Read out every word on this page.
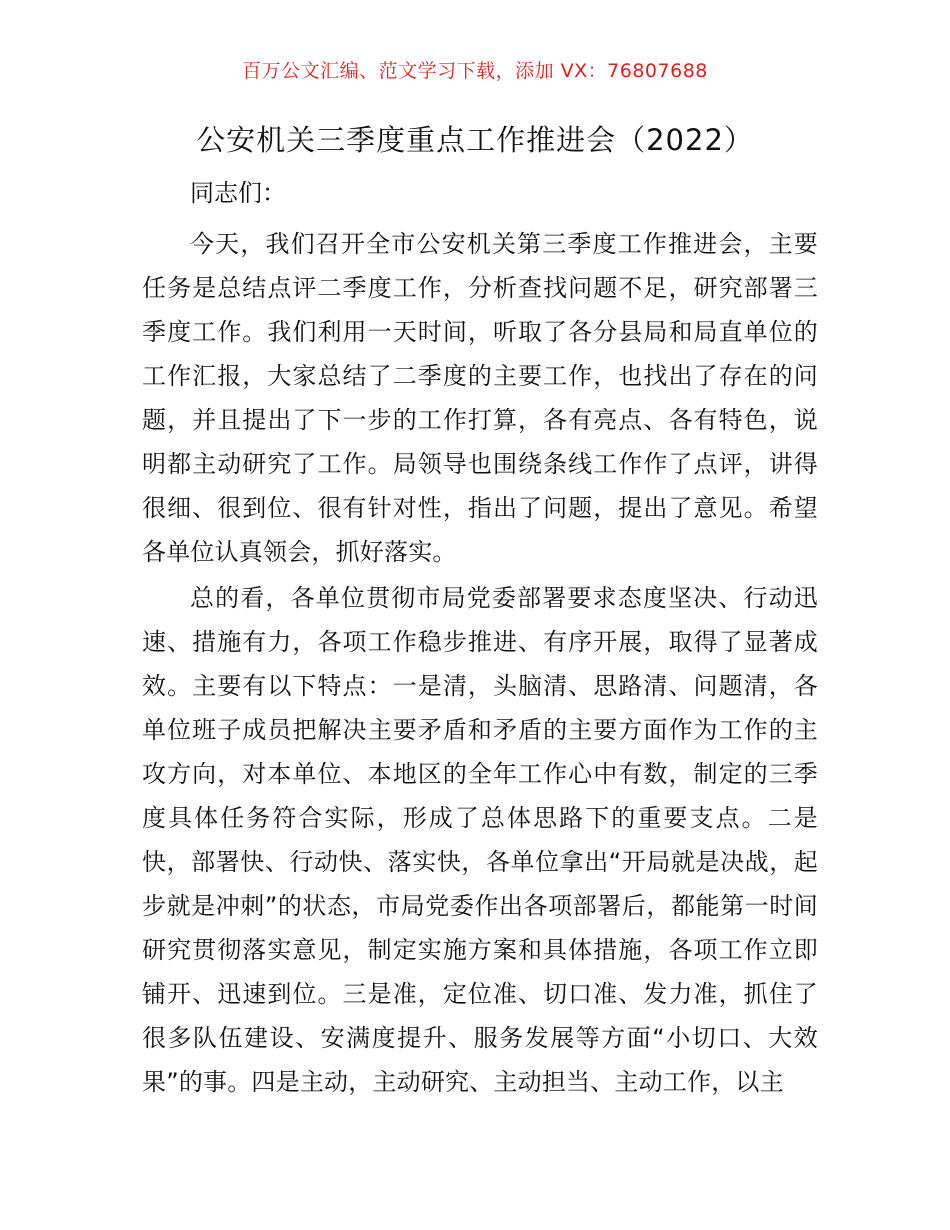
百万公文汇编、范文学习下载，添加 VX：76807688
公安机关三季度重点工作推进会（2022）
同志们：

今天，我们召开全市公安机关第三季度工作推进会，主要任务是总结点评二季度工作，分析查找问题不足，研究部署三季度工作。我们利用一天时间，听取了各分县局和局直单位的工作汇报，大家总结了二季度的主要工作，也找出了存在的问题，并且提出了下一步的工作打算，各有亮点、各有特色，说明都主动研究了工作。局领导也围绕条线工作作了点评，讲得很细、很到位、很有针对性，指出了问题，提出了意见。希望各单位认真领会，抓好落实。

总的看，各单位贯彻市局党委部署要求态度坚决、行动迅速、措施有力，各项工作稳步推进、有序开展，取得了显著成效。主要有以下特点：一是清，头脑清、思路清、问题清，各单位班子成员把解决主要矛盾和矛盾的主要方面作为工作的主攻方向，对本单位、本地区的全年工作心中有数，制定的三季度具体任务符合实际，形成了总体思路下的重要支点。二是快，部署快、行动快、落实快，各单位拿出“开局就是决战，起步就是冲刺”的状态，市局党委作出各项部署后，都能第一时间研究贯彻落实意见，制定实施方案和具体措施，各项工作立即铺开、迅速到位。三是准，定位准、切口准、发力准，抓住了很多队伍建设、安满度提升、服务发展等方面“小切口、大效果”的事。四是主动，主动研究、主动担当、主动工作，以主
